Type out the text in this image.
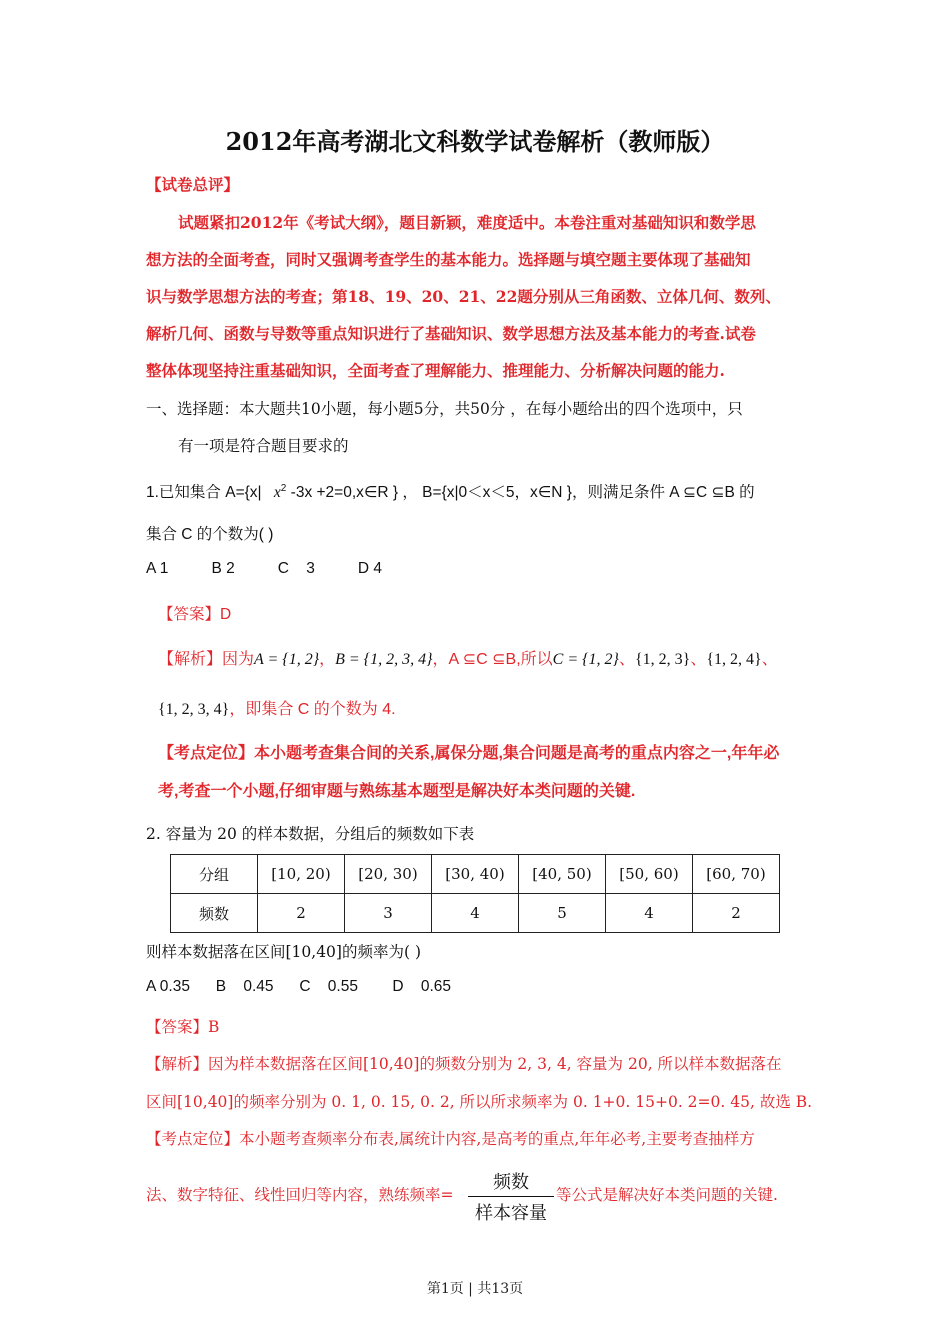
2012年高考湖北文科数学试卷解析（教师版）
【试卷总评】
试题紧扣2012年《考试大纲》，题目新颖，难度适中。本卷注重对基础知识和数学思
想方法的全面考查，同时又强调考查学生的基本能力。选择题与填空题主要体现了基础知
识与数学思想方法的考查；第18、19、20、21、22题分别从三角函数、立体几何、数列、
解析几何、函数与导数等重点知识进行了基础知识、数学思想方法及基本能力的考查.试卷
整体体现坚持注重基础知识，全面考查了理解能力、推理能力、分析解决问题的能力.
一、选择题：本大题共10小题，每小题5分，共50分 ，在每小题给出的四个选项中，只
有一项是符合题目要求的
1.已知集合 A={x| $x^2$ -3x +2=0,x∈R } ， B={x|0＜x＜5，x∈N }，则满足条件 A ⊆C ⊆B 的
集合 C 的个数为( )
A 1          B 2          C    3          D 4
【答案】D
【解析】因为A = {1, 2}，B = {1, 2, 3, 4}，A ⊆C ⊆B,所以C = {1, 2}、{1, 2, 3}、{1, 2, 4}、
{1, 2, 3, 4}，即集合 C 的个数为 4.
【考点定位】本小题考查集合间的关系,属保分题,集合问题是高考的重点内容之一,年年必
考,考查一个小题,仔细审题与熟练基本题型是解决好本类问题的关键.
2. 容量为 20 的样本数据，分组后的频数如下表
分组	[10, 20)	[20, 30)	[30, 40)	[40, 50)	[50, 60)	[60, 70)
频数	2	3	4	5	4	2
则样本数据落在区间[10,40]的频率为( )
A 0.35      B    0.45      C    0.55        D    0.65
【答案】B
【解析】因为样本数据落在区间[10,40]的频数分别为 2, 3, 4, 容量为 20, 所以样本数据落在
区间[10,40]的频率分别为 0. 1, 0. 15, 0. 2, 所以所求频率为 0. 1+0. 15+0. 2=0. 45, 故选 B.
【考点定位】本小题考查频率分布表,属统计内容,是高考的重点,年年必考,主要考查抽样方
法、数字特征、线性回归等内容，熟练频率=
频数
样本容量
等公式是解决好本类问题的关键.
第1页 | 共13页
